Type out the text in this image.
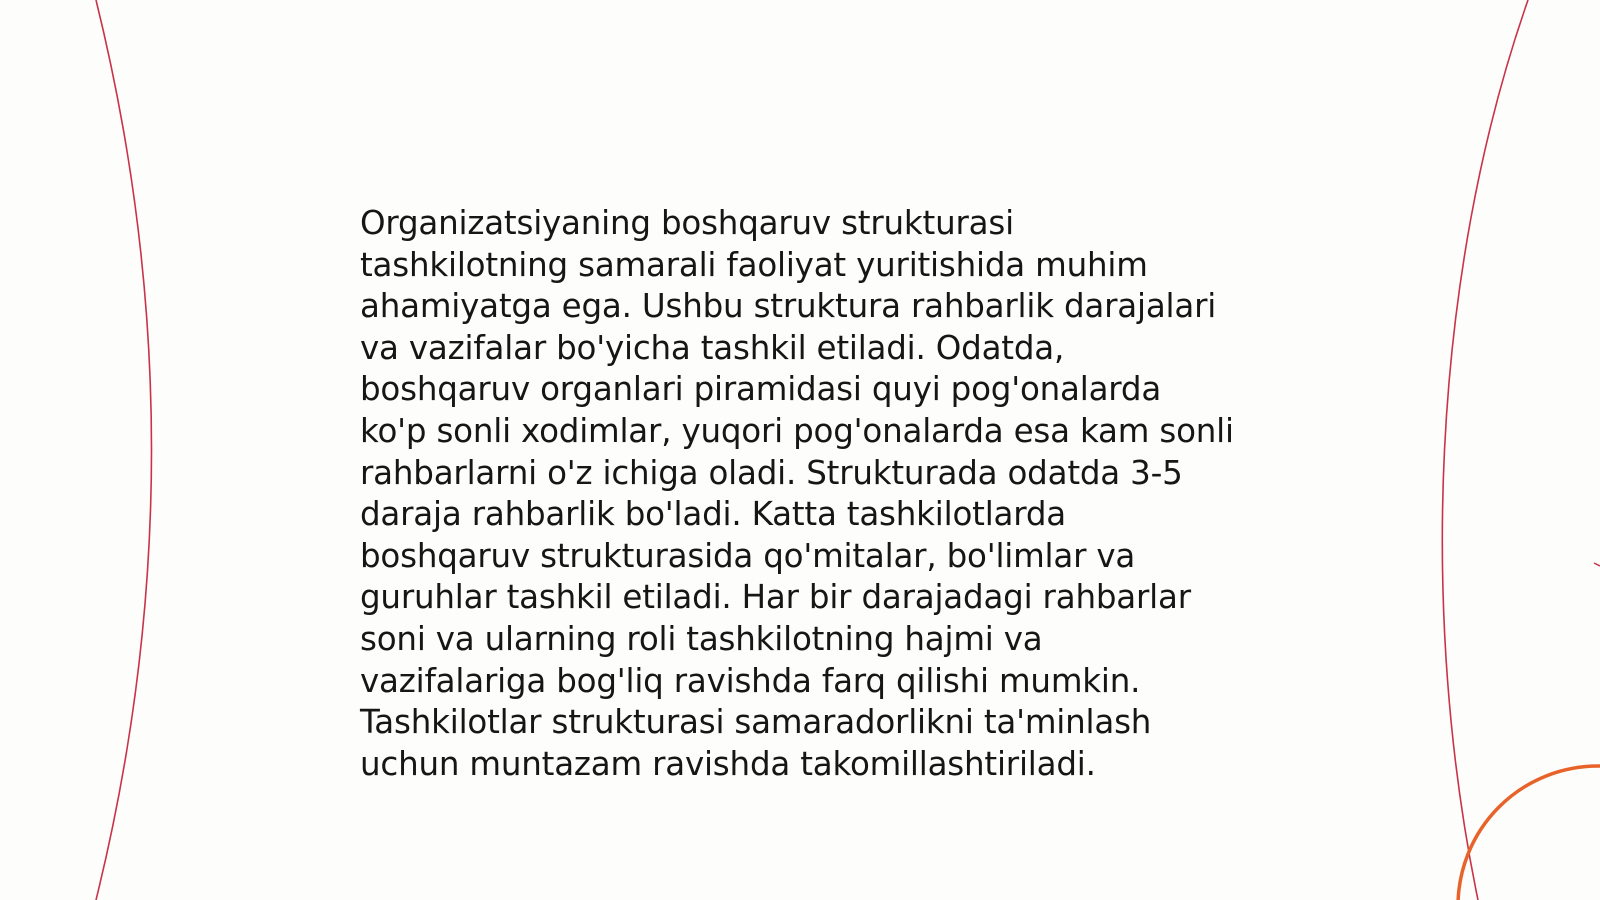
Organizatsiyaning boshqaruv strukturasi
tashkilotning samarali faoliyat yuritishida muhim
ahamiyatga ega. Ushbu struktura rahbarlik darajalari
va vazifalar bo'yicha tashkil etiladi. Odatda,
boshqaruv organlari piramidasi quyi pog'onalarda
ko'p sonli xodimlar, yuqori pog'onalarda esa kam sonli
rahbarlarni o'z ichiga oladi. Strukturada odatda 3-5
daraja rahbarlik bo'ladi. Katta tashkilotlarda
boshqaruv strukturasida qo'mitalar, bo'limlar va
guruhlar tashkil etiladi. Har bir darajadagi rahbarlar
soni va ularning roli tashkilotning hajmi va
vazifalariga bog'liq ravishda farq qilishi mumkin.
Tashkilotlar strukturasi samaradorlikni ta'minlash
uchun muntazam ravishda takomillashtiriladi.
